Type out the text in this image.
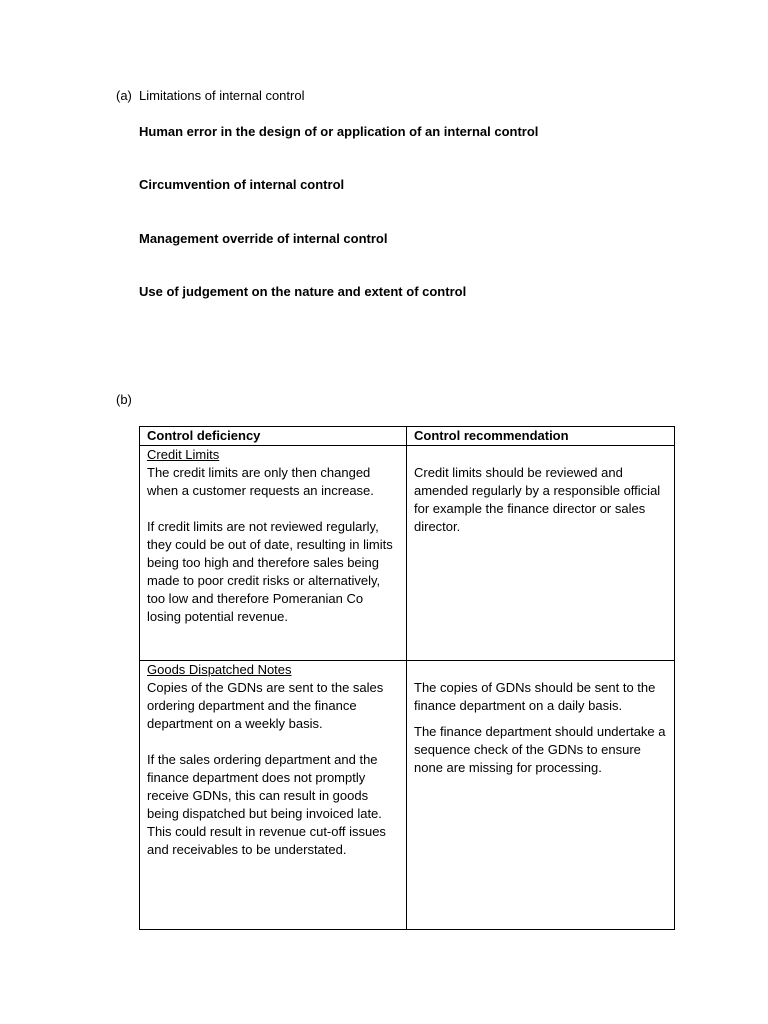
(a) Limitations of internal control
Human error in the design of or application of an internal control
Circumvention of internal control
Management override of internal control
Use of judgement on the nature and extent of control
(b)
Control deficiency	Control recommendation

Credit Limits
The credit limits are only then changed when a customer requests an increase.
If credit limits are not reviewed regularly, they could be out of date, resulting in limits being too high and therefore sales being made to poor credit risks or alternatively, too low and therefore Pomeranian Co losing potential revenue.	Credit limits should be reviewed and amended regularly by a responsible official for example the finance director or sales director.

Goods Dispatched Notes
Copies of the GDNs are sent to the sales ordering department and the finance department on a weekly basis.
If the sales ordering department and the finance department does not promptly receive GDNs, this can result in goods being dispatched but being invoiced late. This could result in revenue cut-off issues and receivables to be understated.	The copies of GDNs should be sent to the finance department on a daily basis.
The finance department should undertake a sequence check of the GDNs to ensure none are missing for processing.
